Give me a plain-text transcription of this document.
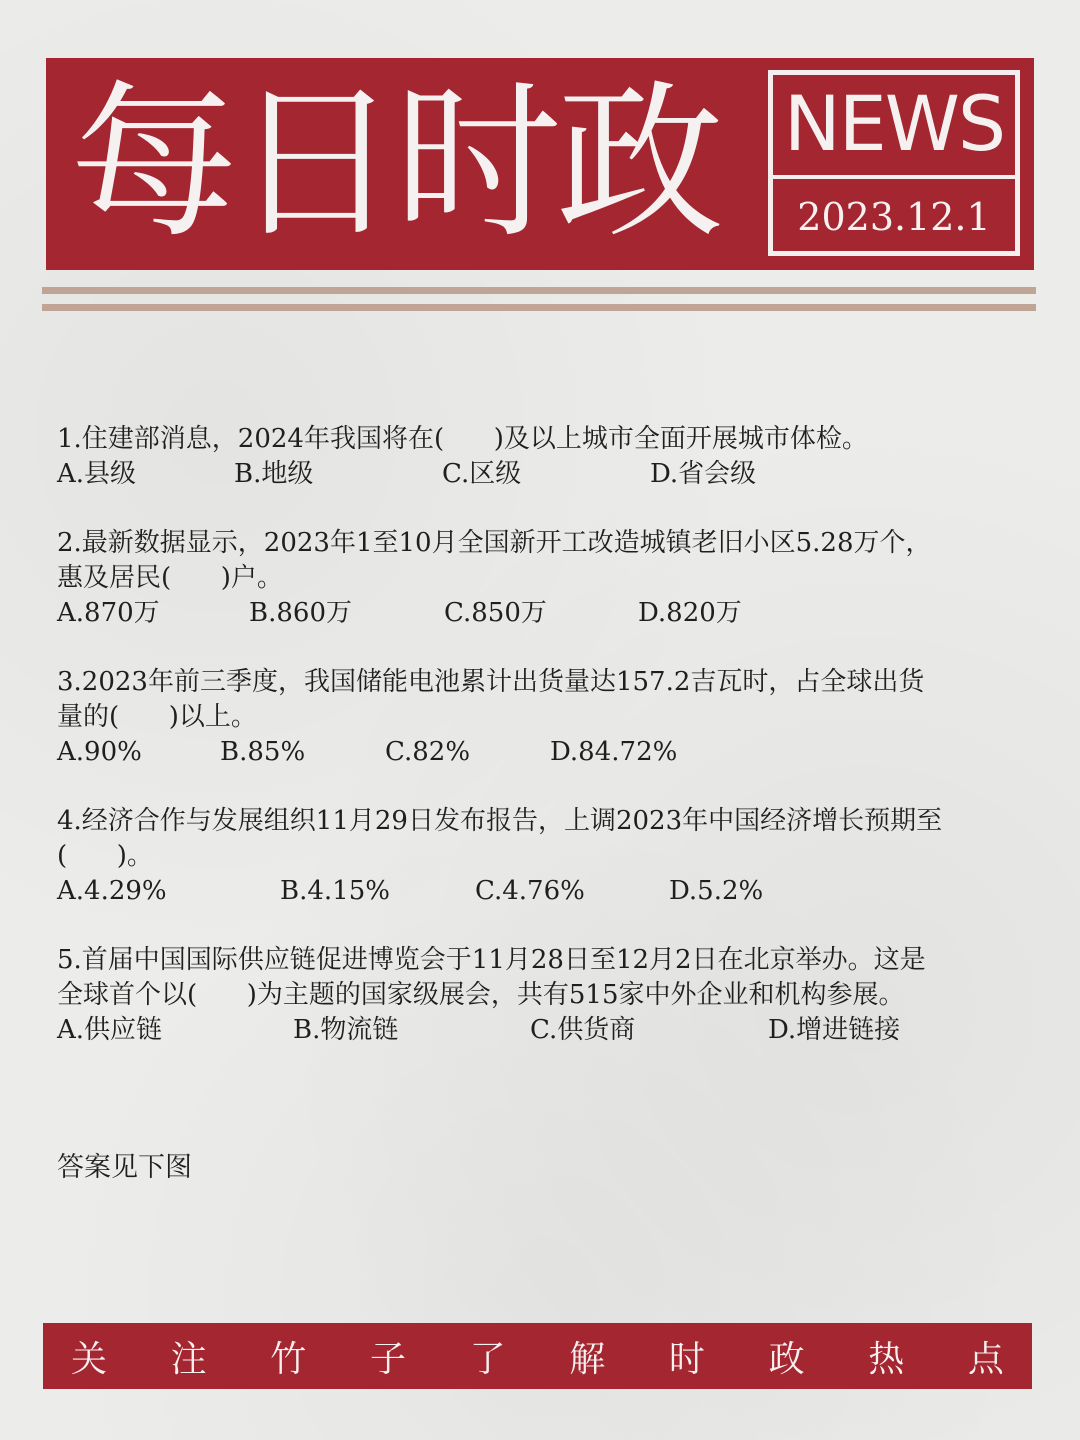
每日时政 NEWS
2023.12.1

1.住建部消息，2024年我国将在(      )及以上城市全面开展城市体检。

A.县级	B.地级	C.区级	D.省会级

2.最新数据显示，2023年1至10月全国新开工改造城镇老旧小区5.28万个，
惠及居民(      )户。

A.870万	B.860万	C.850万	D.820万

3.2023年前三季度，我国储能电池累计出货量达157.2吉瓦时，占全球出货
量的(      )以上。

A.90%	B.85%	C.82%	D.84.72%

4.经济合作与发展组织11月29日发布报告，上调2023年中国经济增长预期至
(      )。

A.4.29%	B.4.15%	C.4.76%	D.5.2%

5.首届中国国际供应链促进博览会于11月28日至12月2日在北京举办。这是
全球首个以(      )为主题的国家级展会，共有515家中外企业和机构参展。

A.供应链	B.物流链	C.供货商	D.增进链接
答案见下图
关 注 竹 子 了 解 时 政 热 点
